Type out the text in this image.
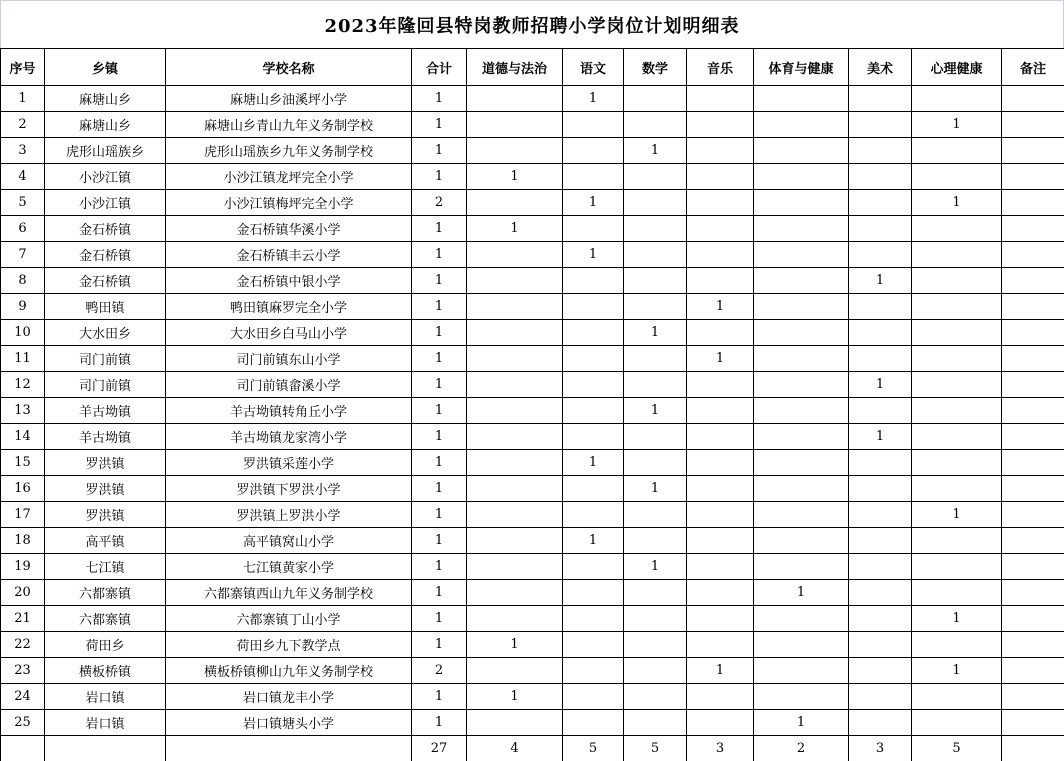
2023年隆回县特岗教师招聘小学岗位计划明细表
序号	乡镇	学校名称	合计	道德与法治	语文	数学	音乐	体育与健康	美术	心理健康	备注
1	麻塘山乡	麻塘山乡油溪坪小学	1		1						
2	麻塘山乡	麻塘山乡青山九年义务制学校	1							1	
3	虎形山瑶族乡	虎形山瑶族乡九年义务制学校	1			1					
4	小沙江镇	小沙江镇龙坪完全小学	1	1							
5	小沙江镇	小沙江镇梅坪完全小学	2		1					1	
6	金石桥镇	金石桥镇华溪小学	1	1							
7	金石桥镇	金石桥镇丰云小学	1		1						
8	金石桥镇	金石桥镇中银小学	1						1		
9	鸭田镇	鸭田镇麻罗完全小学	1				1				
10	大水田乡	大水田乡白马山小学	1			1					
11	司门前镇	司门前镇东山小学	1				1				
12	司门前镇	司门前镇畲溪小学	1						1		
13	羊古坳镇	羊古坳镇转角丘小学	1			1					
14	羊古坳镇	羊古坳镇龙家湾小学	1						1		
15	罗洪镇	罗洪镇采莲小学	1		1						
16	罗洪镇	罗洪镇下罗洪小学	1			1					
17	罗洪镇	罗洪镇上罗洪小学	1							1	
18	高平镇	高平镇窝山小学	1		1						
19	七江镇	七江镇黄家小学	1			1					
20	六都寨镇	六都寨镇西山九年义务制学校	1					1			
21	六都寨镇	六都寨镇丁山小学	1							1	
22	荷田乡	荷田乡九下教学点	1	1							
23	横板桥镇	横板桥镇柳山九年义务制学校	2				1			1	
24	岩口镇	岩口镇龙丰小学	1	1							
25	岩口镇	岩口镇塘头小学	1					1			
			27	4	5	5	3	2	3	5	
